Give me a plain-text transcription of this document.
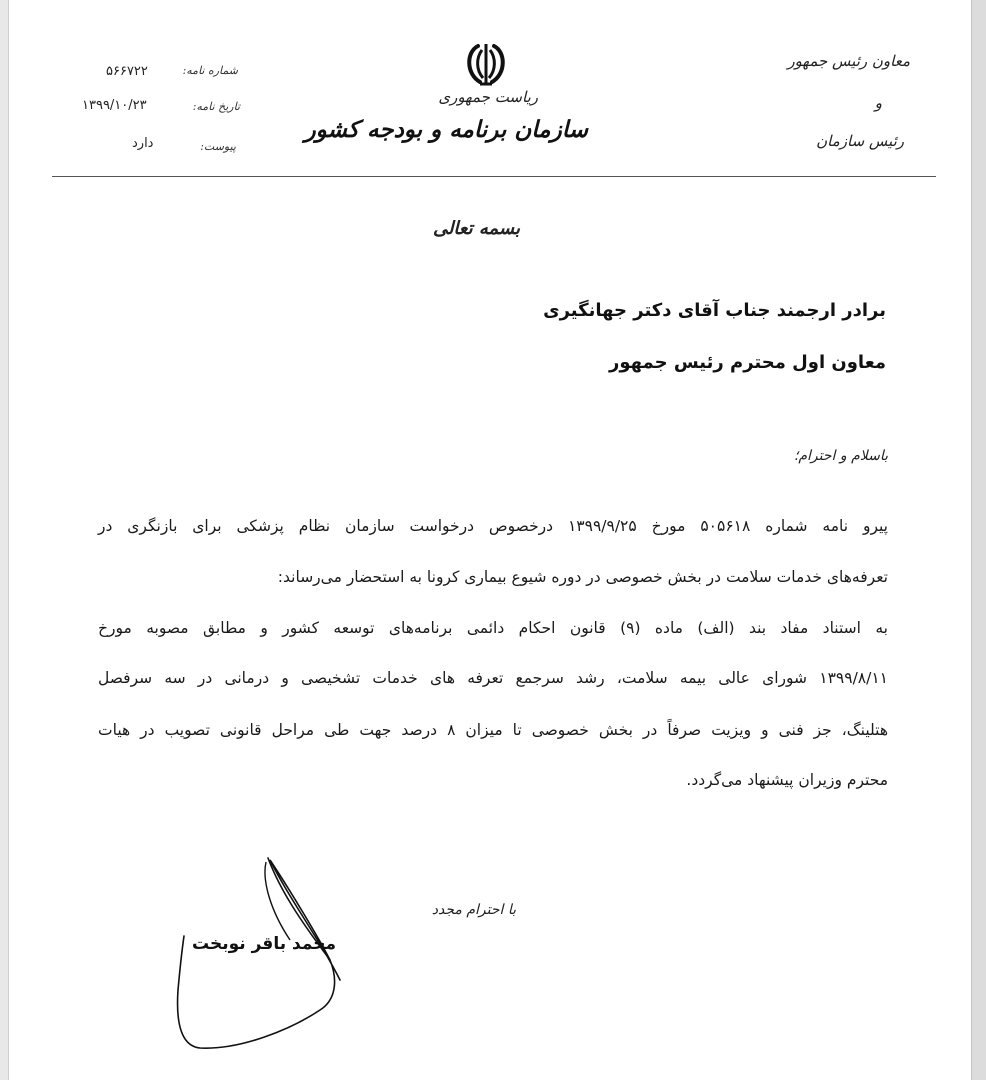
معاون رئیس جمهور
و
رئیس سازمان
ریاست جمهوری
سازمان برنامه و بودجه کشور
شماره نامه:
۵۶۶۷۲۲
تاریخ نامه:
۱۳۹۹/۱۰/۲۳
پیوست:
دارد
بسمه تعالی
برادر ارجمند جناب آقای دکتر جهانگیری
معاون اول محترم رئیس جمهور
باسلام و احترام؛
پیرو نامه شماره ۵۰۵۶۱۸ مورخ ۱۳۹۹/۹/۲۵ درخصوص درخواست سازمان نظام پزشکی برای بازنگری در
تعرفه‌های خدمات سلامت در بخش خصوصی در دوره شیوع بیماری کرونا به استحضار می‌رساند:
به استناد مفاد بند (الف) ماده (۹) قانون احکام دائمی برنامه‌های توسعه کشور و مطابق مصوبه مورخ
۱۳۹۹/۸/۱۱ شورای عالی بیمه سلامت، رشد سرجمع تعرفه های خدمات تشخیصی و درمانی در سه سرفصل
هتلینگ، جز فنی و ویزیت صرفاً در بخش خصوصی تا میزان ۸ درصد جهت طی مراحل قانونی تصویب در هیات
محترم وزیران پیشنهاد می‌گردد.
با احترام مجدد
محمد باقر نوبخت
